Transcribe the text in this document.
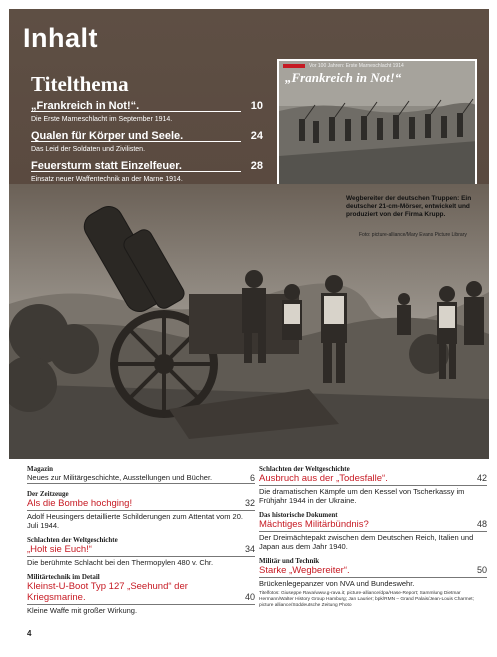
Inhalt
Titelthema
„Frankreich in Not!“.	10
Die Erste Marneschlacht im September 1914.
Qualen für Körper und Seele.	24
Das Leid der Soldaten und Zivilisten.
Feuersturm statt Einzelfeuer.	28
Einsatz neuer Waffentechnik an der Marne 1914.
Vor 100 Jahren: Erste Marneschlacht 1914
„Frankreich in Not!“
Wegbereiter der deutschen Truppen: Ein deutscher 21-cm-Mörser, entwickelt und produziert von der Firma Krupp.
Foto: picture-alliance/Mary Evans Picture Library
Magazin
Neues zur Militärgeschichte, Ausstellungen und Bücher.	6
Der Zeitzeuge
Als die Bombe hochging!	32
Adolf Heusingers detaillierte Schilderungen zum Attentat vom 20. Juli 1944.
Schlachten der Weltgeschichte
„Holt sie Euch!“	34
Die berühmte Schlacht bei den Thermopylen 480 v. Chr.
Militärtechnik im Detail
Kleinst-U-Boot Typ 127 „Seehund“ der Kriegsmarine.	40
Kleine Waffe mit großer Wirkung.
Schlachten der Weltgeschichte
Ausbruch aus der „Todesfalle“.	42
Die dramatischen Kämpfe um den Kessel von Tscherkassy im Frühjahr 1944 in der Ukraine.
Das historische Dokument
Mächtiges Militärbündnis?	48
Der Dreimächtepakt zwischen dem Deutschen Reich, Italien und Japan aus dem Jahr 1940.
Militär und Technik
Starke „Wegbereiter“.	50
Brückenlegepanzer von NVA und Bundeswehr.
Titelfotos: Giuseppe Rava/www.g-rava.it; picture-alliance/dpa/Hase-Report; Sammlung Dietmar Hermann/Walter History Group Hamburg; Jan Laurier; bpk/RMN – Grand Palais/Jean-Louis Charmet; picture alliance/Süddeutsche Zeitung Photo
4
